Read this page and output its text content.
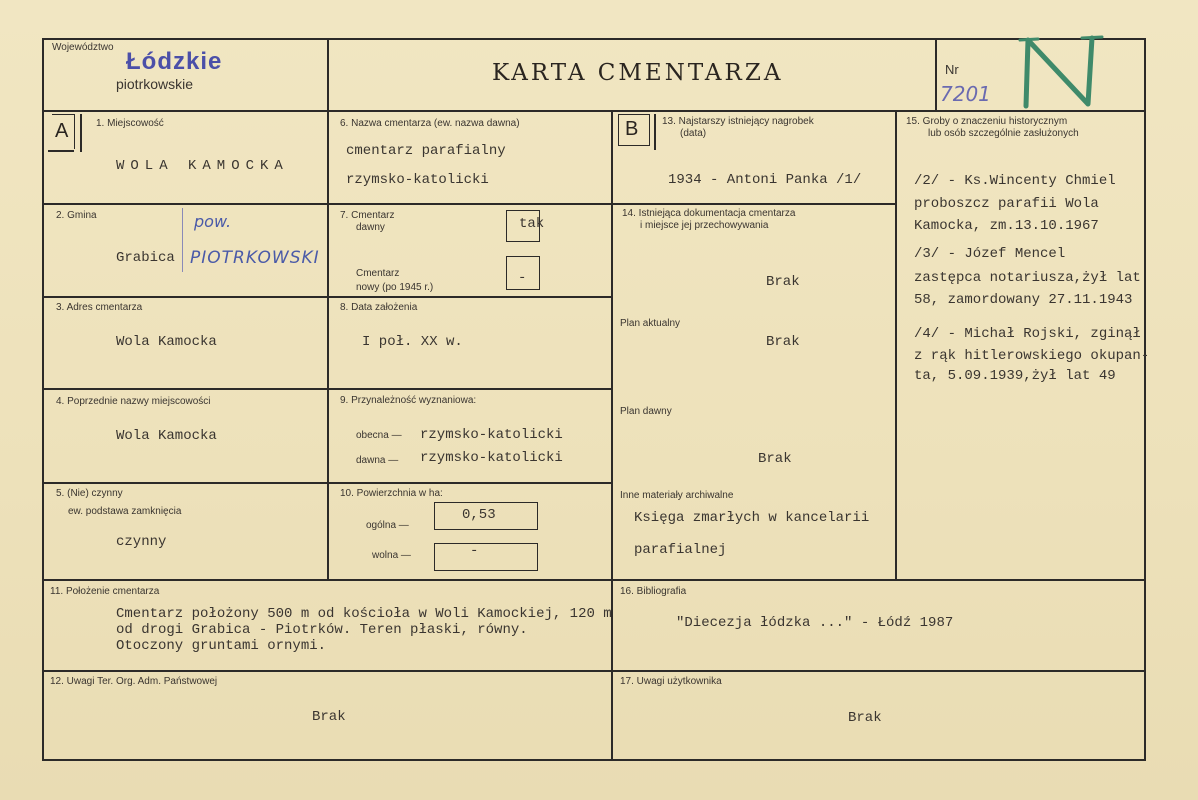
Województwo
Łódzkie
piotrkowskie	KARTA CMENTARZA	Nr
7201
A	1. Miejscowość
WOLA KAMOCKA
2. Gmina
Grabica
pow.
PIOTRKOWSKI
3. Adres cmentarza
Wola Kamocka
4. Poprzednie nazwy miejscowości
Wola Kamocka
5. (Nie) czynny
ew. podstawa zamknięcia
czynny
6. Nazwa cmentarza (ew. nazwa dawna)
cmentarz parafialny
rzymsko-katolicki
7. Cmentarz
dawny	tak
Cmentarz
nowy (po 1945 r.)
-
8. Data założenia
I poł. XX w.
9. Przynależność wyznaniowa:
obecna — rzymsko-katolicki
dawna — rzymsko-katolicki
10. Powierzchnia w ha:
ogólna —
0,53
wolna —	-
B 13. Najstarszy istniejący nagrobek
(data)
1934 - Antoni Panka /1/
14. Istniejąca dokumentacja cmentarza
i miejsce jej przechowywania
Brak
Plan aktualny
Brak
Plan dawny
Brak
Inne materiały archiwalne
Księga zmarłych w kancelarii
parafialnej
15. Groby o znaczeniu historycznym
lub osób szczególnie zasłużonych
/2/ - Ks.Wincenty Chmiel
proboszcz parafii Wola
Kamocka, zm.13.10.1967
/3/ - Józef Mencel
zastępca notariusza,żył lat
58, zamordowany 27.11.1943
/4/ - Michał Rojski, zginął
z rąk hitlerowskiego okupan-
ta, 5.09.1939,żył lat 49
11. Położenie cmentarza
Cmentarz położony 500 m od kościoła w Woli Kamockiej, 120 m
od drogi Grabica - Piotrków. Teren płaski, równy.
Otoczony gruntami ornymi.
16. Bibliografia
"Diecezja łódzka ..." - Łódź 1987
12. Uwagi Ter. Org. Adm. Państwowej
Brak
17. Uwagi użytkownika
Brak
